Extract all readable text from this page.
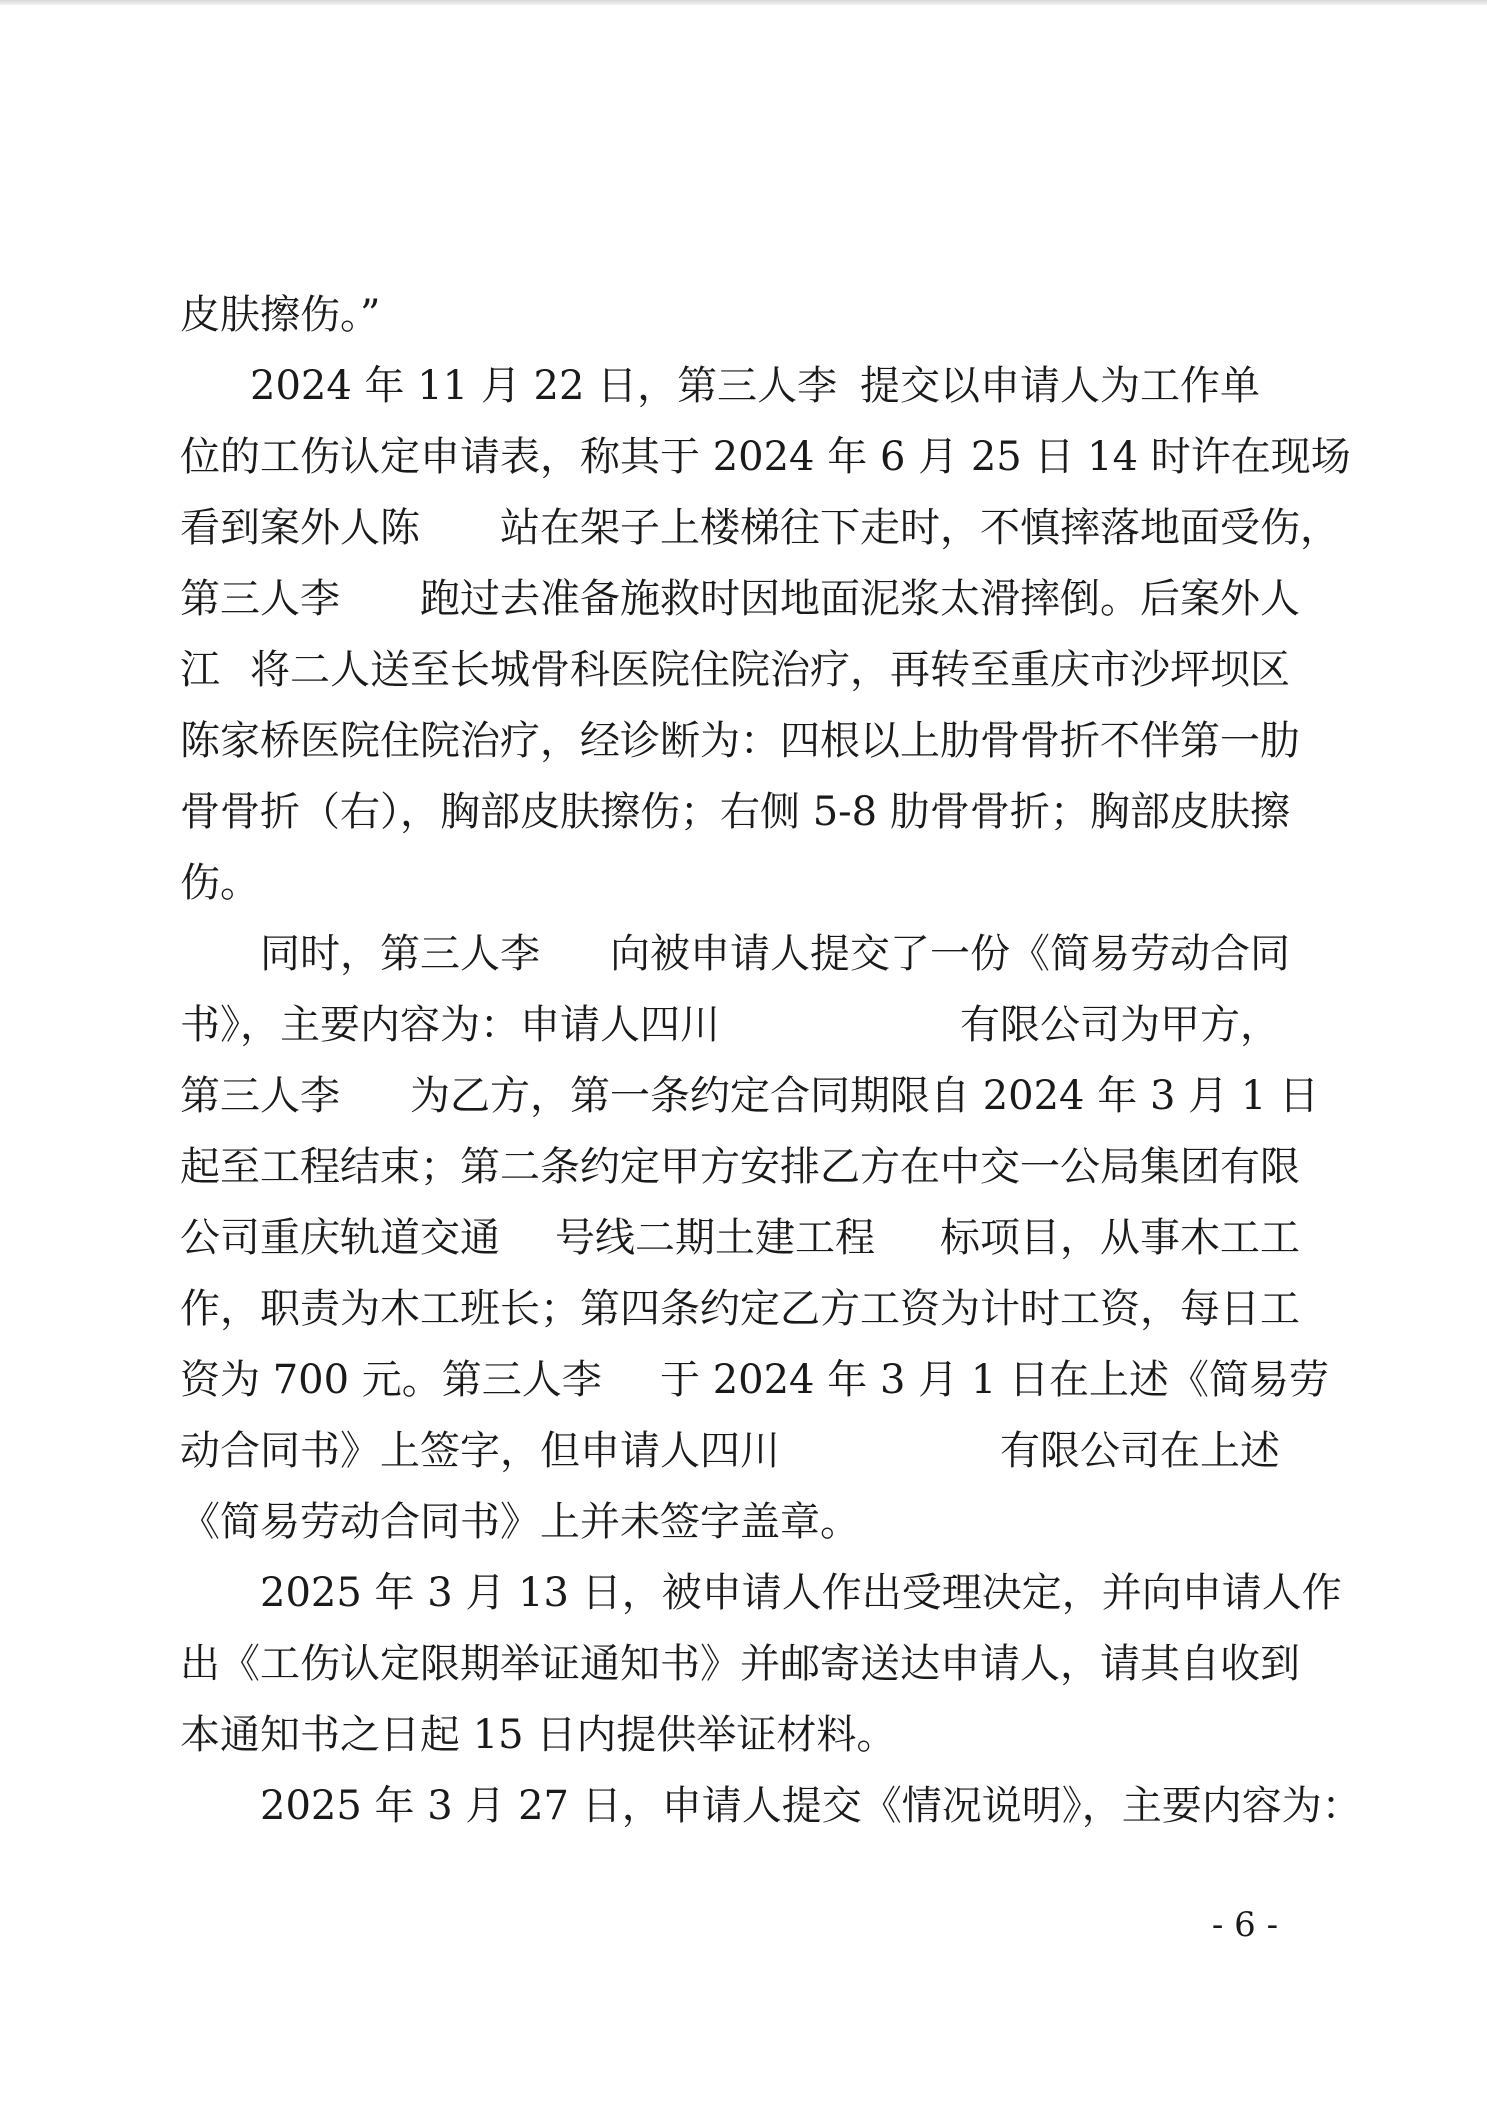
皮肤擦伤。”
2024 年 11 月 22 日，第三人李 提交以申请人为工作单
位的工伤认定申请表，称其于 2024 年 6 月 25 日 14 时许在现场
看到案外人陈 站在架子上楼梯往下走时，不慎摔落地面受伤，
第三人李 跑过去准备施救时因地面泥浆太滑摔倒。后案外人
江 将二人送至长城骨科医院住院治疗，再转至重庆市沙坪坝区
陈家桥医院住院治疗，经诊断为：四根以上肋骨骨折不伴第一肋
骨骨折（右），胸部皮肤擦伤；右侧 5-8 肋骨骨折；胸部皮肤擦
伤。
同时，第三人李 向被申请人提交了一份《简易劳动合同
书》，主要内容为：申请人四川	有限公司为甲方，
第三人李 为乙方，第一条约定合同期限自 2024 年 3 月 1 日
起至工程结束；第二条约定甲方安排乙方在中交一公局集团有限
公司重庆轨道交通 号线二期土建工程 标项目，从事木工工
作，职责为木工班长；第四条约定乙方工资为计时工资，每日工
资为 700 元。第三人李 于 2024 年 3 月 1 日在上述《简易劳
动合同书》上签字，但申请人四川	有限公司在上述
《简易劳动合同书》上并未签字盖章。
2025 年 3 月 13 日，被申请人作出受理决定，并向申请人作
出《工伤认定限期举证通知书》并邮寄送达申请人，请其自收到
本通知书之日起 15 日内提供举证材料。
2025 年 3 月 27 日，申请人提交《情况说明》，主要内容为：
- 6 -
